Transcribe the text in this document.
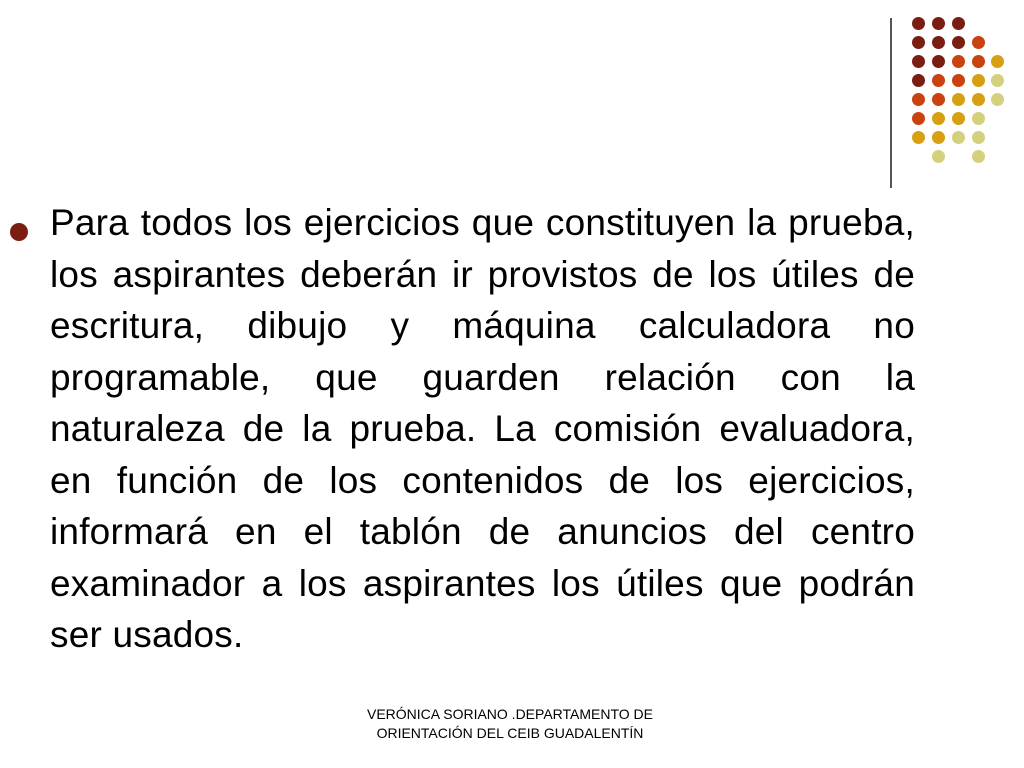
Para todos los ejercicios que constituyen la prueba, los aspirantes deberán ir provistos de los útiles de escritura, dibujo y máquina calculadora no programable, que guarden relación con la naturaleza de la prueba. La comisión evaluadora, en función de los contenidos de los ejercicios, informará en el tablón de anuncios del centro examinador a los aspirantes los útiles que podrán ser usados.

VERÓNICA SORIANO .DEPARTAMENTO DE
ORIENTACIÓN DEL CEIB GUADALENTÍN
